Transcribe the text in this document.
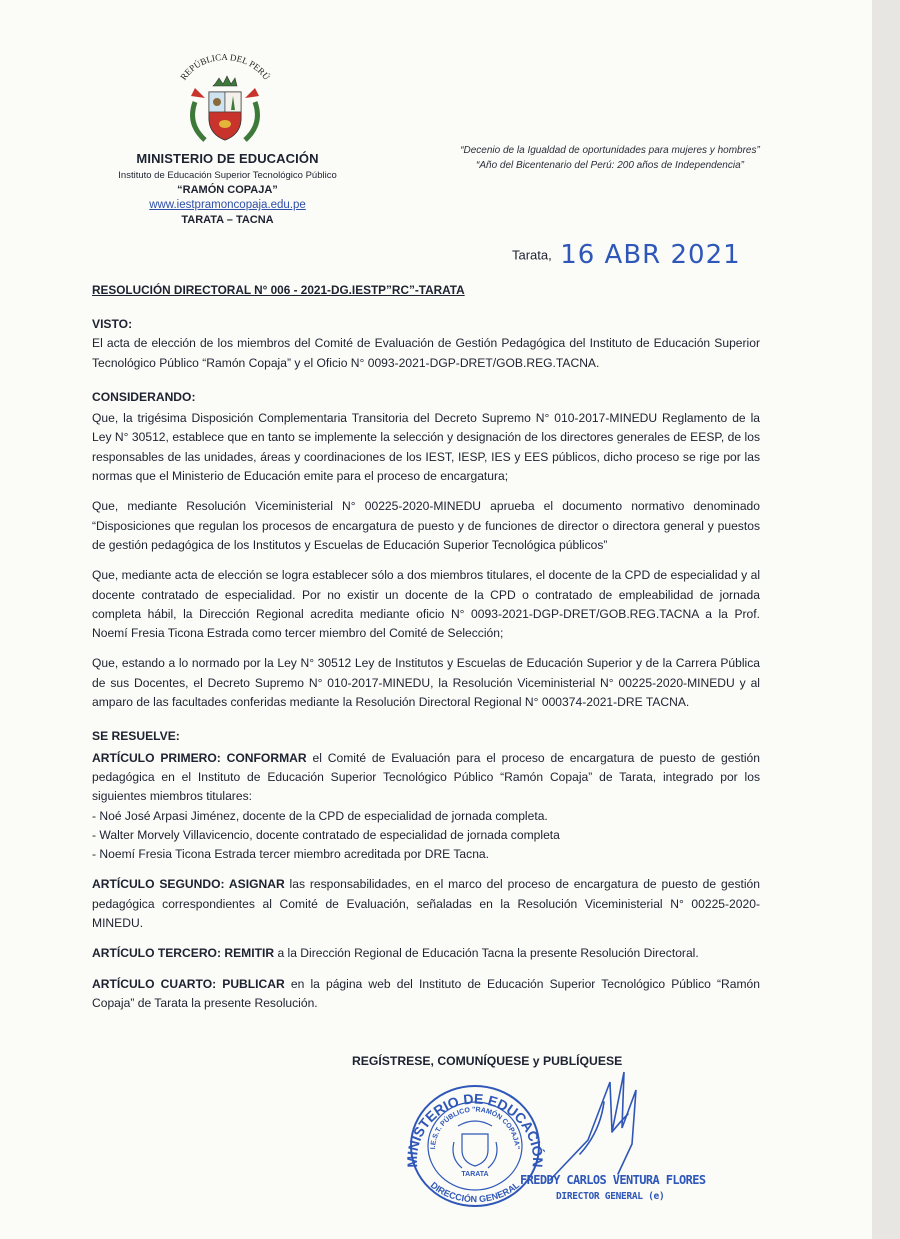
REPÚBLICA DEL PERÚ
MINISTERIO DE EDUCACIÓN
Instituto de Educación Superior Tecnológico Público
“RAMÓN COPAJA”
www.iestpramoncopaja.edu.pe
TARATA – TACNA
“Decenio de la Igualdad de oportunidades para mujeres y hombres”
“Año del Bicentenario del Perú: 200 años de Independencia”
Tarata, 16 ABR 2021
RESOLUCIÓN DIRECTORAL N° 006 - 2021-DG.IESTP”RC”-TARATA
VISTO:

El acta de elección de los miembros del Comité de Evaluación de Gestión Pedagógica del Instituto de Educación Superior Tecnológico Público “Ramón Copaja” y el Oficio N° 0093-2021-DGP-DRET/GOB.REG.TACNA.

CONSIDERANDO:

Que, la trigésima Disposición Complementaria Transitoria del Decreto Supremo N° 010-2017-MINEDU Reglamento de la Ley N° 30512, establece que en tanto se implemente la selección y designación de los directores generales de EESP, de los responsables de las unidades, áreas y coordinaciones de los IEST, IESP, IES y EES públicos, dicho proceso se rige por las normas que el Ministerio de Educación emite para el proceso de encargatura;

Que, mediante Resolución Viceministerial N° 00225-2020-MINEDU aprueba el documento normativo denominado “Disposiciones que regulan los procesos de encargatura de puesto y de funciones de director o directora general y puestos de gestión pedagógica de los Institutos y Escuelas de Educación Superior Tecnológica públicos”

Que, mediante acta de elección se logra establecer sólo a dos miembros titulares, el docente de la CPD de especialidad y al docente contratado de especialidad. Por no existir un docente de la CPD o contratado de empleabilidad de jornada completa hábil, la Dirección Regional acredita mediante oficio N° 0093-2021-DGP-DRET/GOB.REG.TACNA a la Prof. Noemí Fresia Ticona Estrada como tercer miembro del Comité de Selección;

Que, estando a lo normado por la Ley N° 30512 Ley de Institutos y Escuelas de Educación Superior y de la Carrera Pública de sus Docentes, el Decreto Supremo N° 010-2017-MINEDU, la Resolución Viceministerial N° 00225-2020-MINEDU y al amparo de las facultades conferidas mediante la Resolución Directoral Regional N° 000374-2021-DRE TACNA.

SE RESUELVE:

ARTÍCULO PRIMERO: CONFORMAR el Comité de Evaluación para el proceso de encargatura de puesto de gestión pedagógica en el Instituto de Educación Superior Tecnológico Público “Ramón Copaja” de Tarata, integrado por los siguientes miembros titulares:

- Noé José Arpasi Jiménez, docente de la CPD de especialidad de jornada completa.
- Walter Morvely Villavicencio, docente contratado de especialidad de jornada completa
- Noemí Fresia Ticona Estrada tercer miembro acreditada por DRE Tacna.

ARTÍCULO SEGUNDO: ASIGNAR las responsabilidades, en el marco del proceso de encargatura de puesto de gestión pedagógica correspondientes al Comité de Evaluación, señaladas en la Resolución Viceministerial N° 00225-2020-MINEDU.

ARTÍCULO TERCERO: REMITIR a la Dirección Regional de Educación Tacna la presente Resolución Directoral.

ARTÍCULO CUARTO: PUBLICAR en la página web del Instituto de Educación Superior Tecnológico Público “Ramón Copaja” de Tarata la presente Resolución.

REGÍSTRESE, COMUNÍQUESE y PUBLÍQUESE
MINISTERIO DE EDUCACIÓN
I.E.S.T. PÚBLICO "RAMÓN COPAJA"
DIRECCIÓN GENERAL
TARATA	FREDDY CARLOS VENTURA FLORES
DIRECTOR GENERAL (e)
